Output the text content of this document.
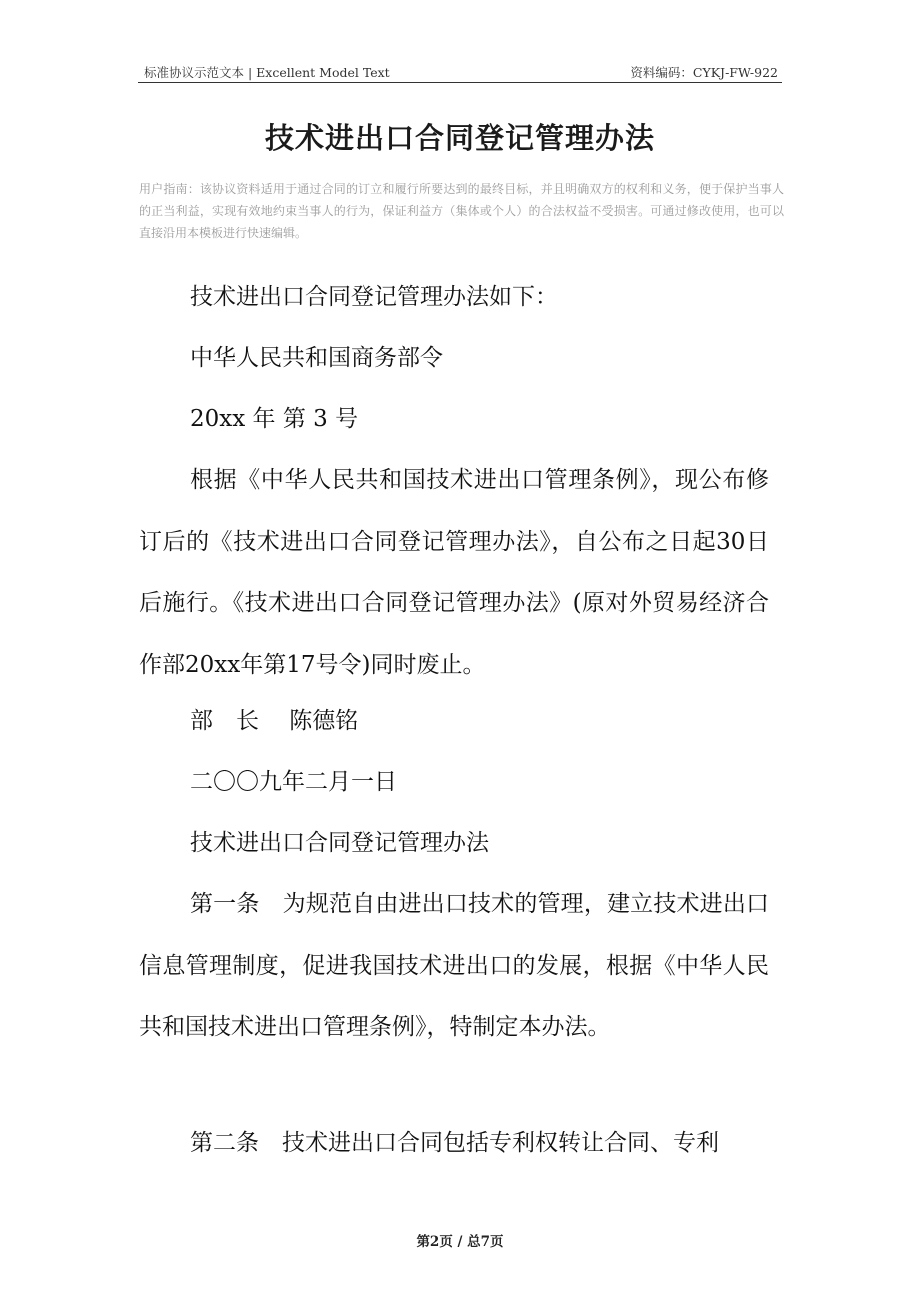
标准协议示范文本 | Excellent Model Text	资料编码：CYKJ-FW-922
技术进出口合同登记管理办法
用户指南：该协议资料适用于通过合同的订立和履行所要达到的最终目标，并且明确双方的权利和义务，便于保护当事人的正当利益，实现有效地约束当事人的行为，保证利益方（集体或个人）的合法权益不受损害。可通过修改使用，也可以直接沿用本模板进行快速编辑。
技术进出口合同登记管理办法如下：
中华人民共和国商务部令
20xx 年 第 3 号
根据《中华人民共和国技术进出口管理条例》，现公布修订后的《技术进出口合同登记管理办法》，自公布之日起30日后施行。《技术进出口合同登记管理办法》(原对外贸易经济合作部20xx年第17号令)同时废止。
部　长　 陈德铭
二〇〇九年二月一日
技术进出口合同登记管理办法
第一条　为规范自由进出口技术的管理，建立技术进出口信息管理制度，促进我国技术进出口的发展，根据《中华人民共和国技术进出口管理条例》，特制定本办法。
第二条　技术进出口合同包括专利权转让合同、专利
第2页 / 总7页
